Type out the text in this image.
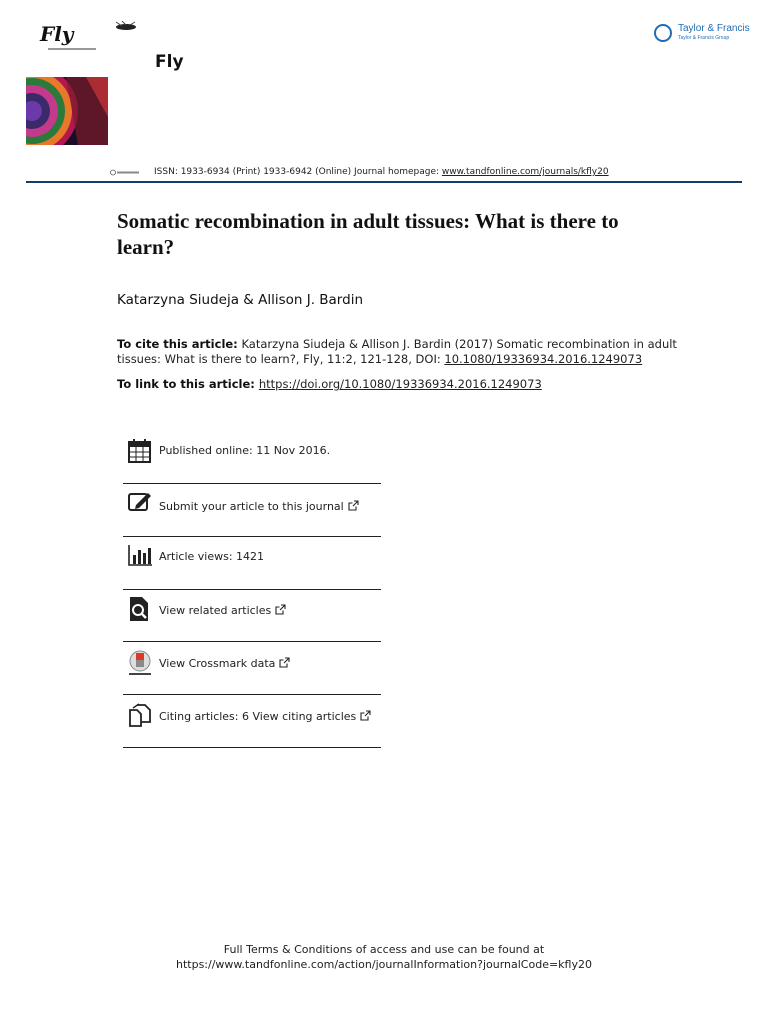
Fly
Fly
Taylor & Francis
Taylor & Francis Group
ISSN: 1933-6934 (Print) 1933-6942 (Online) Journal homepage: www.tandfonline.com/journals/kfly20
Somatic recombination in adult tissues: What is there to learn?
Katarzyna Siudeja & Allison J. Bardin
To cite this article: Katarzyna Siudeja & Allison J. Bardin (2017) Somatic recombination in adult tissues: What is there to learn?, Fly, 11:2, 121-128, DOI: 10.1080/19336934.2016.1249073
To link to this article: https://doi.org/10.1080/19336934.2016.1249073
Published online: 11 Nov 2016.
Submit your article to this journal
Article views: 1421
View related articles
View Crossmark data
Citing articles: 6 View citing articles
Full Terms & Conditions of access and use can be found at
https://www.tandfonline.com/action/journalInformation?journalCode=kfly20
